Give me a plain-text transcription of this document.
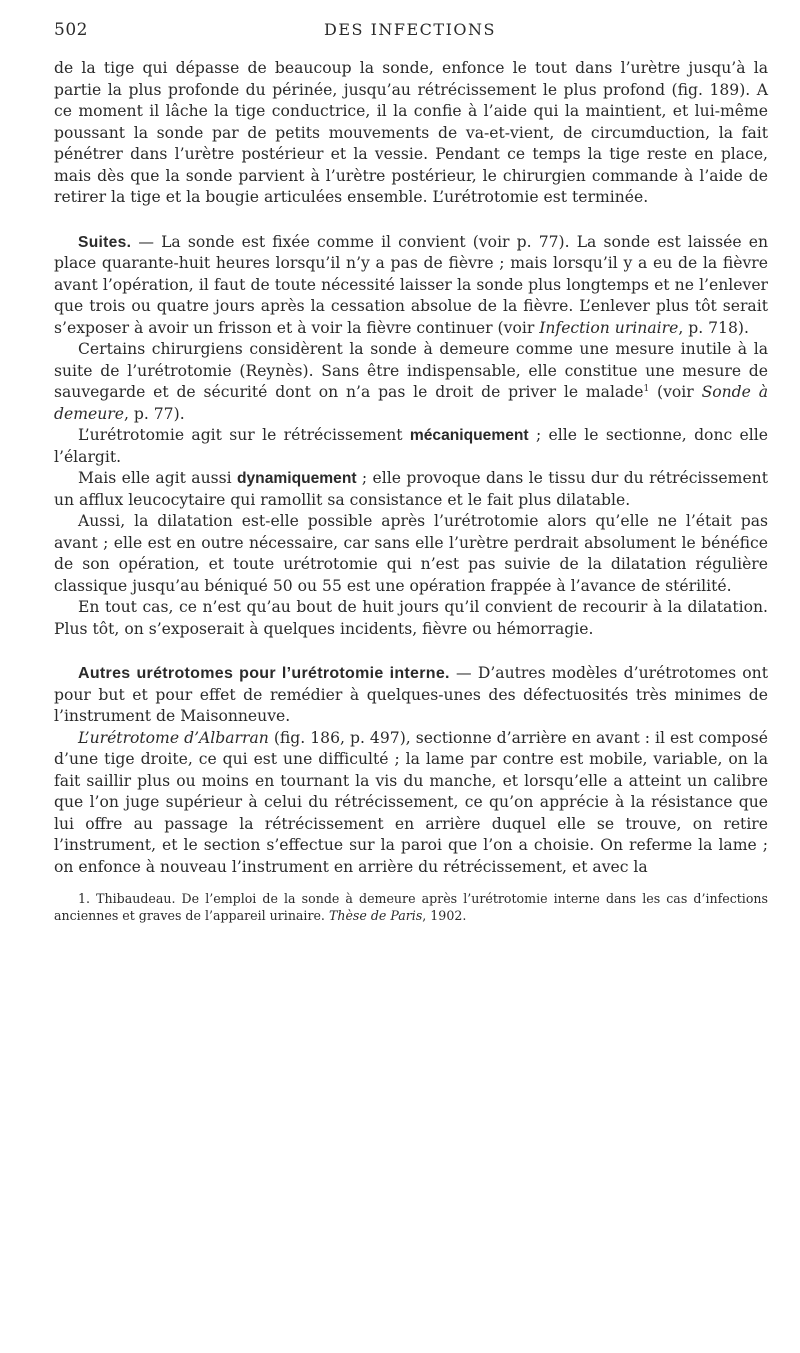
502	DES INFECTIONS

de la tige qui dépasse de beaucoup la sonde, enfonce le tout dans l’urètre jusqu’à la partie la plus profonde du périnée, jusqu’au rétrécissement le plus profond (fig. 189). A ce moment il lâche la tige conductrice, il la confie à l’aide qui la maintient, et lui-même poussant la sonde par de petits mouvements de va-et-vient, de circumduction, la fait pénétrer dans l’urètre postérieur et la vessie. Pendant ce temps la tige reste en place, mais dès que la sonde parvient à l’urètre postérieur, le chirurgien commande à l’aide de retirer la tige et la bougie articulées ensemble. L’urétrotomie est terminée.

Suites. — La sonde est fixée comme il convient (voir p. 77). La sonde est laissée en place quarante-huit heures lorsqu’il n’y a pas de fièvre ; mais lorsqu’il y a eu de la fièvre avant l’opération, il faut de toute nécessité laisser la sonde plus longtemps et ne l’enlever que trois ou quatre jours après la cessation absolue de la fièvre. L’enlever plus tôt serait s’exposer à avoir un frisson et à voir la fièvre continuer (voir Infection urinaire, p. 718).

Certains chirurgiens considèrent la sonde à demeure comme une mesure inutile à la suite de l’urétrotomie (Reynès). Sans être indispensable, elle constitue une mesure de sauvegarde et de sécurité dont on n’a pas le droit de priver le malade$^1$ (voir Sonde à demeure, p. 77).

L’urétrotomie agit sur le rétrécissement mécaniquement ; elle le sectionne, donc elle l’élargit.

Mais elle agit aussi dynamiquement ; elle provoque dans le tissu dur du rétrécissement un afflux leucocytaire qui ramollit sa consistance et le fait plus dilatable.

Aussi, la dilatation est-elle possible après l’urétrotomie alors qu’elle ne l’était pas avant ; elle est en outre nécessaire, car sans elle l’urètre perdrait absolument le bénéfice de son opération, et toute urétrotomie qui n’est pas suivie de la dilatation régulière classique jusqu’au béniqué 50 ou 55 est une opération frappée à l’avance de stérilité.

En tout cas, ce n’est qu’au bout de huit jours qu’il convient de recourir à la dilatation. Plus tôt, on s’exposerait à quelques incidents, fièvre ou hémorragie.

Autres urétrotomes pour l’urétrotomie interne. — D’autres modèles d’urétrotomes ont pour but et pour effet de remédier à quelques-unes des défectuosités très minimes de l’instrument de Maisonneuve.

L’urétrotome d’Albarran (fig. 186, p. 497), sectionne d’arrière en avant : il est composé d’une tige droite, ce qui est une difficulté ; la lame par contre est mobile, variable, on la fait saillir plus ou moins en tournant la vis du manche, et lorsqu’elle a atteint un calibre que l’on juge supérieur à celui du rétrécissement, ce qu’on apprécie à la résistance que lui offre au passage la rétrécissement en arrière duquel elle se trouve, on retire l’instrument, et le section s’effectue sur la paroi que l’on a choisie. On referme la lame ; on enfonce à nouveau l’instrument en arrière du rétrécissement, et avec la

1. Thibaudeau. De l’emploi de la sonde à demeure après l’urétrotomie interne dans les cas d’infections anciennes et graves de l’appareil urinaire. Thèse de Paris, 1902.
